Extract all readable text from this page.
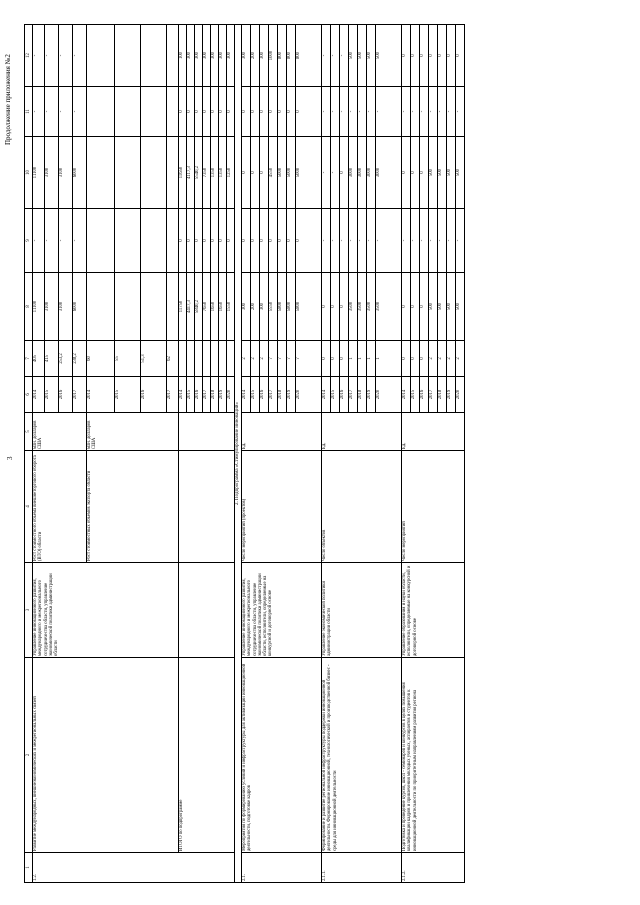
3
Продолжение приложения №2
1	2	3	4	5	6	7	8	9	10	11	12
1.2.	Развитие международных, внешнеэкономических и межрегиональных связей	Управление инновационного развития, международного и межрегионального сотрудничества области, управление экономической политики администрации области	Рост стоимостного объема внешнеторгового оборота (ВТО) области	млн. долларов США	2014	405	11100	-	11100	-	-
					2015	415	3100	-	3100	-	-
					2016	253,2	3100	-	3100	-	-
					2017	238,2	6000	-	6000	-	-
			Рост стоимостных объемов экспорта области	млн. долларов США	2014	60					
					2015	55					
					2016	51,3					
					2017	62					
	ИТОГО по подпрограмме				2014		11750	0	11650	0	100
					2015		4417,3	0	4117,3	0	300
					2016		5840,2	0	5540,2	0	300
					2017		7650	0	7350	0	300
					2018		1650	0	1350	0	300
					2019		1650	0	1350	0	300
					2020		1550	0	1250	0	300
2. Подпрограмма «Стимулирование инноваций»											
2.1.	Мероприятия по формированию условий и инфраструктуры для активизации инновационной деятельности, подготовке кадров	Управление инновационного развития, международного и межрегионального сотрудничества области, управление экономической политики администрации области, исполнители, определяемые на конкурсной и договорной основе	Число мероприятий (проектов)	Ед.	2014	2	300	0	0	0	300
					2015	2	200	0	0	0	200
					2016	2	300	0	0	0	300
					2017	7	5550	0	4550	0	1000
					2018	7	5800	0	5000	0	800
					2019	7	5800	0	5000	0	800
					2020	7	5800	0	5000	0	800
2.1.1.	Формирование и развитие региональной инфраструктуры поддержки инновационной деятельности. Формирование инновационной, технологической и производственной бизнес - среды для инновационной деятельности	Управление экономической политики администрации области	Число объектов	Ед.	2014	0	0	-	-	-	-
					2015	0	0	-	-	-	-
					2016	0	0	-	0	-	-
					2017	1	3500	-	3000	-	500
					2018	1	3500	-	3000	-	500
					2019	1	3500	-	3000	-	500
					2020	1	3500	-	3000	-	500
2.1.2.	Подготовка и проведение курсов, школ - семинаров и конкурсов в целях повышения квалификации кадров и привлечения молодых ученых, аспирантов и студентов к инновационной деятельности по приоритетным направлениям развития региона	Управление образования и науки области, исполнители, определяемые на конкурсной и договорной основе	Число мероприятий	Ед.	2014	0	0	-	0	-	0
					2015	0	0	-	0	-	0
					2016	0	0	-	0	-	0
					2017	2	500	-	500	-	0
					2018	2	500	-	500	-	0
					2019	2	500	-	500	-	0
					2020	2	500	-	500	-	0
